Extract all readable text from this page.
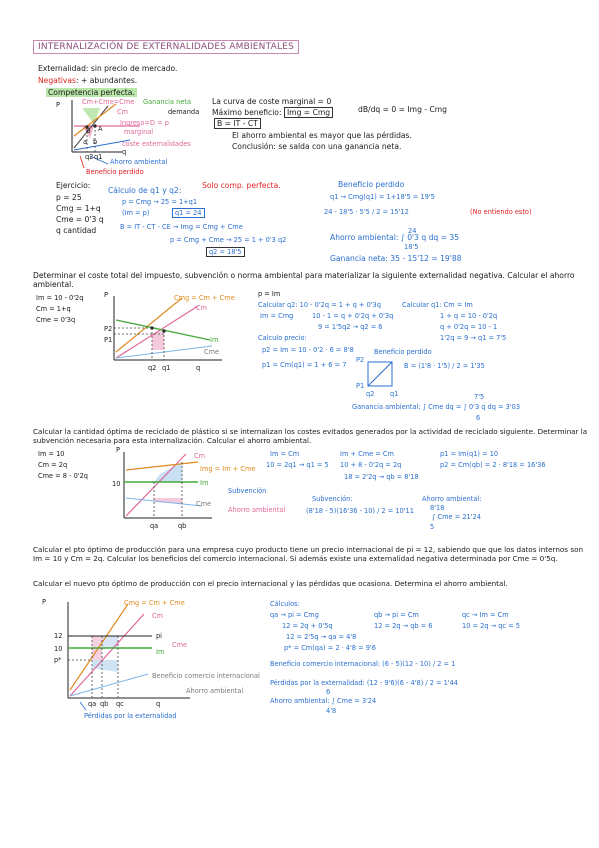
INTERNALIZACIÓN DE EXTERNALIDADES AMBIENTALES
Externalidad: sin precio de mercado.
Negativas: + abundantes.
Competencia perfecta.
P	Cm+Cme=Cme Ganancia neta
Cm	demanda
Ingreso=D = p
marginal
coste externalidades
B A
a b
q2 q1
q
Ahorro ambiental
Beneficio perdido
La curva de coste marginal = 0
Máximo beneficio: Img = Cmg
B = IT - CT
dB/dq = 0 = Img - Cmg
El ahorro ambiental es mayor que las pérdidas.
Conclusión: se salda con una ganancia neta.
Ejercicio:
p = 25
Cmg = 1+q
Cme = 0'3 q
q cantidad
Cálculo de q1 y q2:
Solo comp. perfecta.
p = Cmg → 25 = 1+q1
(Im = p)	q1 = 24
B = IT - CT - CE → Img = Cmg + Cme
p = Cmg + Cme → 25 = 1 + 0'3 q2
q2 = 18'5
Beneficio perdido
q1 → Cmg(q1) = 1+18'5 = 19'5
24 - 18'5 · 5'5 / 2 = 15'12	(No entiendo esto)
24
Ahorro ambiental: ∫ 0'3 q dq = 35
18'5
Ganancia neta: 35 - 15'12 = 19'88
Determinar el coste total del impuesto, subvención o norma ambiental para materializar la siguiente externalidad negativa. Calcular el ahorro ambiental.
Im = 10 - 0'2q
Cm = 1+q
Cme = 0'3q
P	Cmg = Cm + Cme
Cm
P2
P1	Im
Cme
q2 q1	q
p = Im
Calcular q2: 10 - 0'2q = 1 + q + 0'3q
Im = Cmg	10 - 1 = q + 0'2q + 0'3q
9 = 1'5q2 → q2 = 6
Calcular q1: Cm = Im
1 + q = 10 - 0'2q
q + 0'2q = 10 - 1
1'2q = 9 → q1 = 7'5
Calculo precio:
p2 = Im = 10 - 0'2 · 6 = 8'8
p1 = Cm(q1) = 1 + 6 = 7
Beneficio perdido
P2
P1
q2 q1
B = (1'8 · 1'5) / 2 = 1'35
7'5
Ganancia ambiental: ∫ Cme dq = ∫ 0'3 q dq = 3'03
6
Calcular la cantidad óptima de reciclado de plástico si se internalizan los costes evitados generados por la actividad de reciclado siguiente. Determinar la subvención necesaria para esta internalización. Calcular el ahorro ambiental.
Im = 10
Cm = 2q
Cme = 8 - 0'2q
P
10
Cm
Img = Im + Cme
Im
Subvención
Cme
Ahorro ambiental
qa	qb
Im = Cm
10 = 2q1 → q1 = 5
Im + Cme = Cm
10 + 8 - 0'2q = 2q
18 = 2'2q → qb = 8'18
p1 = Im(q1) = 10
p2 = Cm(qb) = 2 · 8'18 = 16'36
Subvención:
(8'18 - 5)(16'36 - 10) / 2 = 10'11
Ahorro ambiental:
8'18
∫ Cme = 21'24
5
Calcular el pto óptimo de producción para una empresa cuyo producto tiene un precio internacional de pi = 12, sabiendo que que los datos internos son Im = 10 y Cm = 2q. Calcular los beneficios del comercio internacional. Si además existe una externalidad negativa determinada por Cme = 0'5q.
Calcular el nuevo pto óptimo de producción con el precio internacional y las pérdidas que ocasiona. Determina el ahorro ambiental.
P	Cmg = Cm + Cme
Cm
12	pi
10
p*
Im
Cme
Beneficio comercio internacional
Ahorro ambiental
Pérdidas por la externalidad
qa qb qc	q
Cálculos:
qa → pi = Cmg
12 = 2q + 0'5q
12 = 2'5q → qa = 4'8
p* = Cm(qa) = 2 · 4'8 = 9'6
qb → pi = Cm
12 = 2q → qb = 6
qc → Im = Cm
10 = 2q → qc = 5
Beneficio comercio internacional: (6 - 5)(12 - 10) / 2 = 1
Pérdidas por la externalidad: (12 - 9'6)(6 - 4'8) / 2 = 1'44
6
Ahorro ambiental: ∫ Cme = 3'24
4'8
